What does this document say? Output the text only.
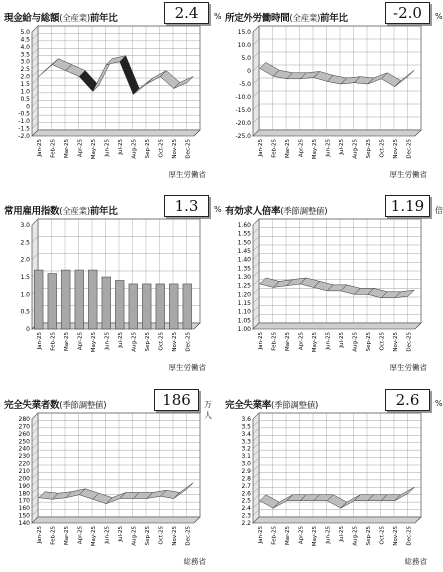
現金給与総額(全産業)前年比	2.4	%
厚生労働省
5.0
4.5
4.0
3.5
3.0
2.5
2.0
1.5
1.0
0.5
0
-0.5
-1.0
-1.5
-2.0
Jan-25 Feb-25 Mar-25 Apr-25 May-25 Jun-25 Jul-25 Aug-25 Sep-25 Oct-25 Nov-25 Dec-25
所定外労働時間(全産業)前年比	-2.0	%
厚生労働省
15.0
10.0
5.0
0
-5.0
-10.0
-15.0
-20.0
-25.0
Jan-25 Feb-25 Mar-25 Apr-25 May-25 Jun-25 Jul-25 Aug-25 Sep-25 Oct-25 Nov-25 Dec-25
常用雇用指数(全産業)前年比	1.3	%
厚生労働省
3.0
2.5
2.0
1.5
1.0
0.5
0
Jan-25 Feb-25 Mar-25 Apr-25 May-25 Jun-25 Jul-25 Aug-25 Sep-25 Oct-25 Nov-25 Dec-25
有効求人倍率(季節調整値)	1.19	倍
厚生労働省
1.60
1.55
1.50
1.45
1.40
1.35
1.30
1.25
1.20
1.15
1.10
1.05
1.00
Jan-25 Feb-25 Mar-25 Apr-25 May-25 Jun-25 Jul-25 Aug-25 Sep-25 Oct-25 Nov-25 Dec-25
完全失業者数(季節調整値)	186	万人
総務省
280
270
260
250
240
230
220
210
200
190
180
170
160
150
140
Jan-25 Feb-25 Mar-25 Apr-25 May-25 Jun-25 Jul-25 Aug-25 Sep-25 Oct-25 Nov-25 Dec-25
完全失業率(季節調整値)	2.6	%
総務省
3.6
3.5
3.4
3.3
3.2
3.1
3.0
2.9
2.8
2.7
2.6
2.5
2.4
2.3
2.2
Jan-25 Feb-25 Mar-25 Apr-25 May-25 Jun-25 Jul-25 Aug-25 Sep-25 Oct-25 Nov-25 Dec-25
